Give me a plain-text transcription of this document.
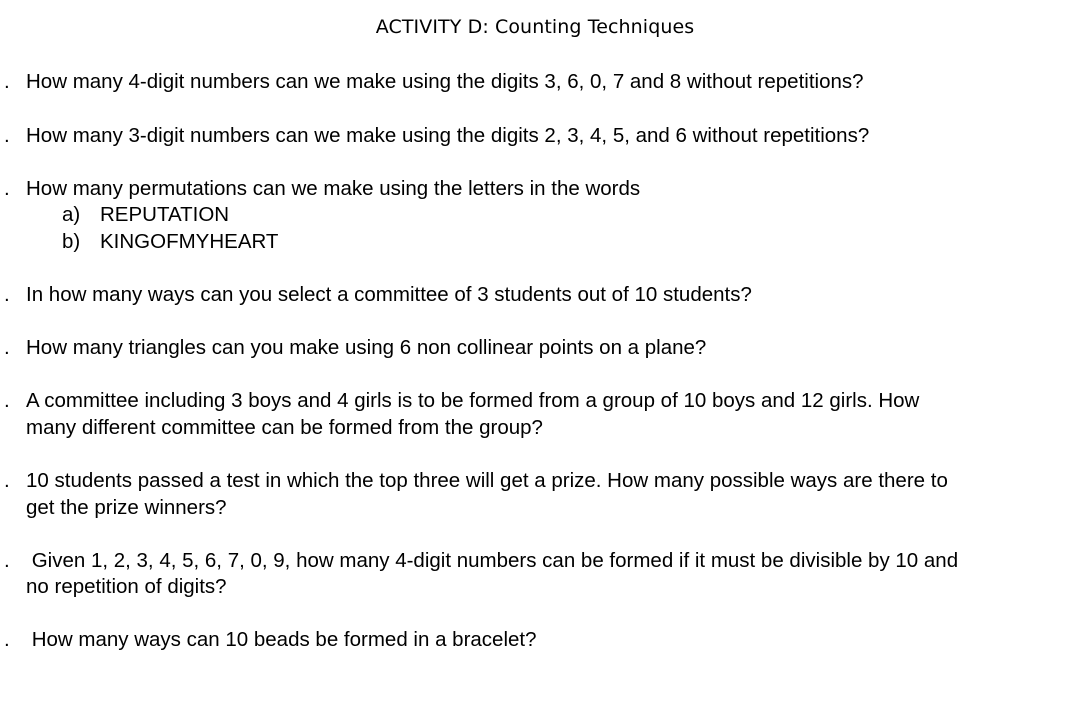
ACTIVITY D: Counting Techniques
. How many 4-digit numbers can we make using the digits 3, 6, 0, 7 and 8 without repetitions?
. How many 3-digit numbers can we make using the digits 2, 3, 4, 5, and 6 without repetitions?
. How many permutations can we make using the letters in the words
a) REPUTATION
b) KINGOFMYHEART
. In how many ways can you select a committee of 3 students out of 10 students?
. How many triangles can you make using 6 non collinear points on a plane?
. A committee including 3 boys and 4 girls is to be formed from a group of 10 boys and 12 girls. How
many different committee can be formed from the group?
. 10 students passed a test in which the top three will get a prize. How many possible ways are there to
get the prize winners?
. Given 1, 2, 3, 4, 5, 6, 7, 0, 9, how many 4-digit numbers can be formed if it must be divisible by 10 and
no repetition of digits?
. How many ways can 10 beads be formed in a bracelet?
